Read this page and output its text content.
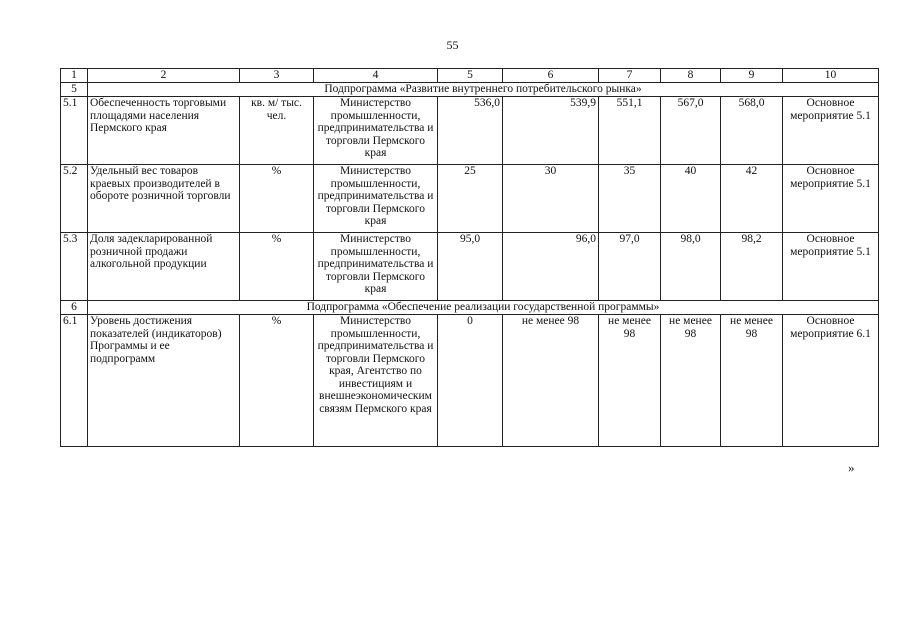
55
1	2	3	4	5	6	7	8	9	10
5	Подпрограмма «Развитие внутреннего потребительского рынка»								
5.1	Обеспеченность торговыми площадями населения Пермского края	кв. м/ тыс. чел.	Министерство промышленности, предпринимательства и торговли Пермского края	536,0	539,9	551,1	567,0	568,0	Основное мероприятие 5.1
5.2	Удельный вес товаров краевых производителей в обороте розничной торговли	%	Министерство промышленности, предпринимательства и торговли Пермского края	25	30	35	40	42	Основное мероприятие 5.1
5.3	Доля задекларированной розничной продажи алкогольной продукции	%	Министерство промышленности, предпринимательства и торговли Пермского края	95,0	96,0	97,0	98,0	98,2	Основное мероприятие 5.1
6	Подпрограмма «Обеспечение реализации государственной программы»								
6.1	Уровень достижения показателей (индикаторов) Программы и ее подпрограмм	%	Министерство промышленности, предпринимательства и торговли Пермского края, Агентство по инвестициям и внешнеэкономическим связям Пермского края	0	не менее 98	не менее 98	не менее 98	не менее 98	Основное мероприятие 6.1
»
